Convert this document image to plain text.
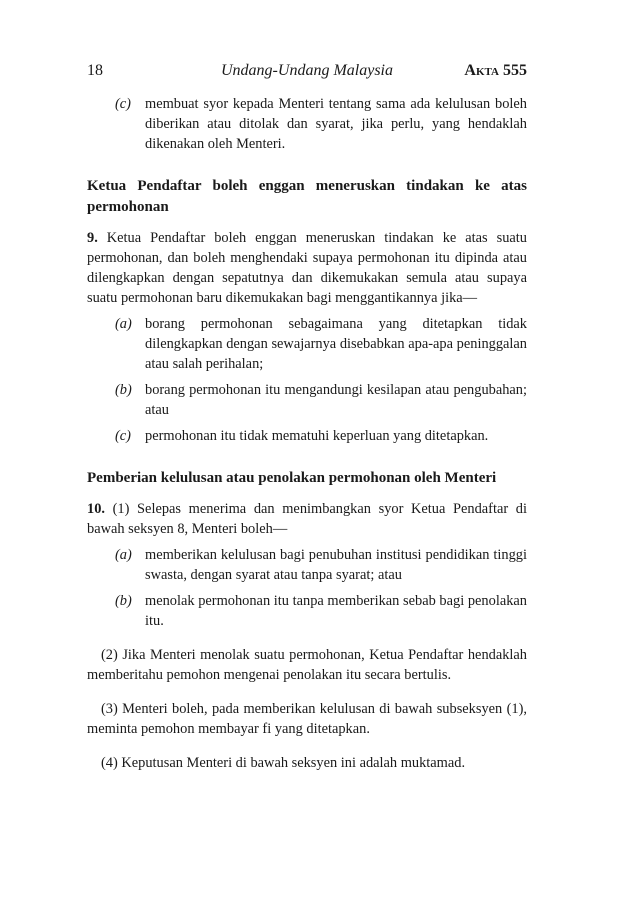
18	Undang-Undang Malaysia	Akta 555
(c) membuat syor kepada Menteri tentang sama ada kelulusan boleh diberikan atau ditolak dan syarat, jika perlu, yang hendaklah dikenakan oleh Menteri.
Ketua Pendaftar boleh enggan meneruskan tindakan ke atas permohonan

9. Ketua Pendaftar boleh enggan meneruskan tindakan ke atas suatu permohonan, dan boleh menghendaki supaya permohonan itu dipinda atau dilengkapkan dengan sepatutnya dan dikemukakan semula atau supaya suatu permohonan baru dikemukakan bagi menggantikannya jika—

(a) borang permohonan sebagaimana yang ditetapkan tidak dilengkapkan dengan sewajarnya disebabkan apa-apa peninggalan atau salah perihalan;
(b) borang permohonan itu mengandungi kesilapan atau pengubahan; atau
(c) permohonan itu tidak mematuhi keperluan yang ditetapkan.
Pemberian kelulusan atau penolakan permohonan oleh Menteri

10. (1) Selepas menerima dan menimbangkan syor Ketua Pendaftar di bawah seksyen 8, Menteri boleh—

(a) memberikan kelulusan bagi penubuhan institusi pendidikan tinggi swasta, dengan syarat atau tanpa syarat; atau
(b) menolak permohonan itu tanpa memberikan sebab bagi penolakan itu.

(2) Jika Menteri menolak suatu permohonan, Ketua Pendaftar hendaklah memberitahu pemohon mengenai penolakan itu secara bertulis.

(3) Menteri boleh, pada memberikan kelulusan di bawah subseksyen (1), meminta pemohon membayar fi yang ditetapkan.

(4) Keputusan Menteri di bawah seksyen ini adalah muktamad.
